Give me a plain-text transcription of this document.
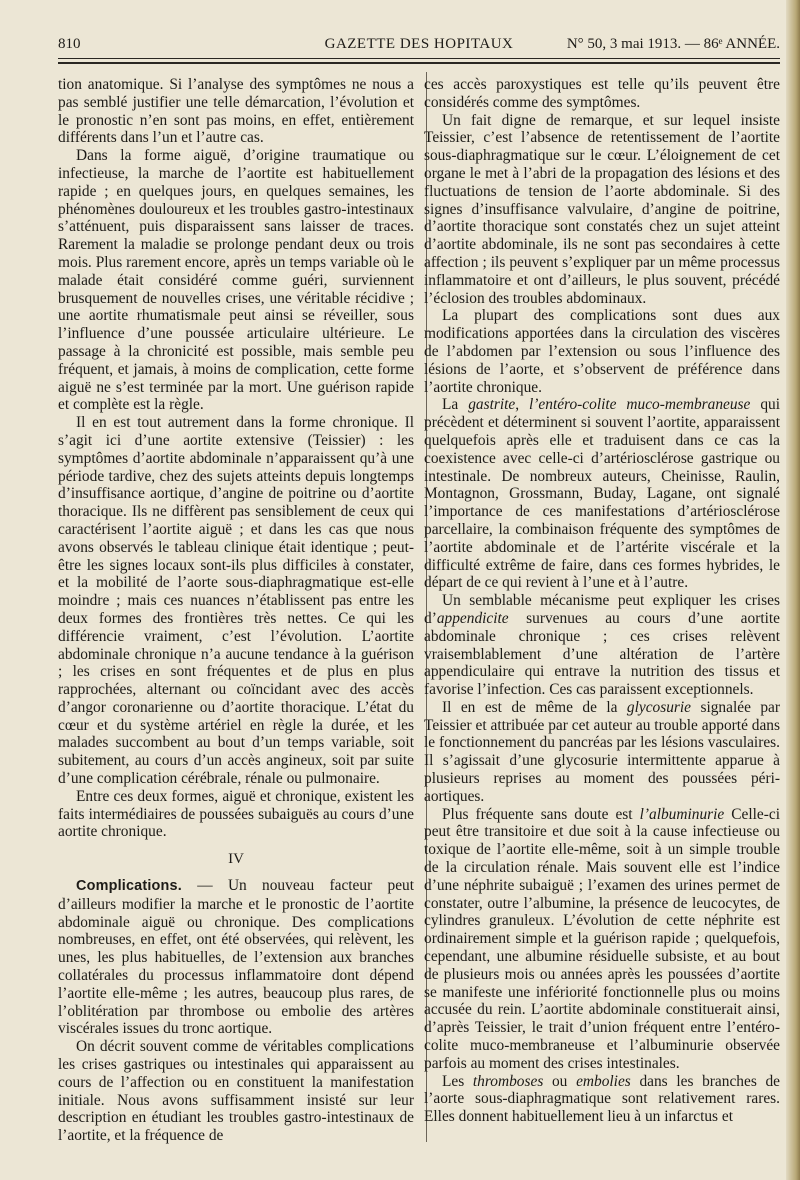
GAZETTE DES HOPITAUX
810	N° 50, 3 mai 1913. — 86ᵉ ANNÉE.

tion anatomique. Si l’analyse des symptômes ne nous a pas semblé justifier une telle démarcation, l’évolution et le pronostic n’en sont pas moins, en effet, entièrement différents dans l’un et l’autre cas.

Dans la forme aiguë, d’origine traumatique ou infectieuse, la marche de l’aortite est habituellement rapide ; en quelques jours, en quelques semaines, les phénomènes douloureux et les troubles gastro-intestinaux s’atténuent, puis disparaissent sans laisser de traces. Rarement la maladie se prolonge pendant deux ou trois mois. Plus rarement encore, après un temps variable où le malade était considéré comme guéri, surviennent brusquement de nouvelles crises, une véritable récidive ; une aortite rhumatismale peut ainsi se réveiller, sous l’influence d’une poussée articulaire ultérieure. Le passage à la chronicité est possible, mais semble peu fréquent, et jamais, à moins de complication, cette forme aiguë ne s’est terminée par la mort. Une guérison rapide et complète est la règle.

Il en est tout autrement dans la forme chronique. Il s’agit ici d’une aortite extensive (Teissier) : les symptômes d’aortite abdominale n’apparaissent qu’à une période tardive, chez des sujets atteints depuis longtemps d’insuffisance aortique, d’angine de poitrine ou d’aortite thoracique. Ils ne diffèrent pas sensiblement de ceux qui caractérisent l’aortite aiguë ; et dans les cas que nous avons observés le tableau clinique était identique ; peut-être les signes locaux sont-ils plus difficiles à constater, et la mobilité de l’aorte sous-diaphragmatique est-elle moindre ; mais ces nuances n’établissent pas entre les deux formes des frontières très nettes. Ce qui les différencie vraiment, c’est l’évolution. L’aortite abdominale chronique n’a aucune tendance à la guérison ; les crises en sont fréquentes et de plus en plus rapprochées, alternant ou coïncidant avec des accès d’angor coronarienne ou d’aortite thoracique. L’état du cœur et du système artériel en règle la durée, et les malades succombent au bout d’un temps variable, soit subitement, au cours d’un accès angineux, soit par suite d’une complication cérébrale, rénale ou pulmonaire.

Entre ces deux formes, aiguë et chronique, existent les faits intermédiaires de poussées subaiguës au cours d’une aortite chronique.

IV

Complications. — Un nouveau facteur peut d’ailleurs modifier la marche et le pronostic de l’aortite abdominale aiguë ou chronique. Des complications nombreuses, en effet, ont été observées, qui relèvent, les unes, les plus habituelles, de l’extension aux branches collatérales du processus inflammatoire dont dépend l’aortite elle-même ; les autres, beaucoup plus rares, de l’oblitération par thrombose ou embolie des artères viscérales issues du tronc aortique.

On décrit souvent comme de véritables complications les crises gastriques ou intestinales qui apparaissent au cours de l’affection ou en constituent la manifestation initiale. Nous avons suffisamment insisté sur leur description en étudiant les troubles gastro-intestinaux de l’aortite, et la fréquence de

ces accès paroxystiques est telle qu’ils peuvent être considérés comme des symptômes.

Un fait digne de remarque, et sur lequel insiste Teissier, c’est l’absence de retentissement de l’aortite sous-diaphragmatique sur le cœur. L’éloignement de cet organe le met à l’abri de la propagation des lésions et des fluctuations de tension de l’aorte abdominale. Si des signes d’insuffisance valvulaire, d’angine de poitrine, d’aortite thoracique sont constatés chez un sujet atteint d’aortite abdominale, ils ne sont pas secondaires à cette affection ; ils peuvent s’expliquer par un même processus inflammatoire et ont d’ailleurs, le plus souvent, précédé l’éclosion des troubles abdominaux.

La plupart des complications sont dues aux modifications apportées dans la circulation des viscères de l’abdomen par l’extension ou sous l’influence des lésions de l’aorte, et s’observent de préférence dans l’aortite chronique.

La gastrite, l’entéro-colite muco-membraneuse qui précèdent et déterminent si souvent l’aortite, apparaissent quelquefois après elle et traduisent dans ce cas la coexistence avec celle-ci d’artériosclérose gastrique ou intestinale. De nombreux auteurs, Cheinisse, Raulin, Montagnon, Grossmann, Buday, Lagane, ont signalé l’importance de ces manifestations d’artériosclérose parcellaire, la combinaison fréquente des symptômes de l’aortite abdominale et de l’artérite viscérale et la difficulté extrême de faire, dans ces formes hybrides, le départ de ce qui revient à l’une et à l’autre.

Un semblable mécanisme peut expliquer les crises d’appendicite survenues au cours d’une aortite abdominale chronique ; ces crises relèvent vraisemblablement d’une altération de l’artère appendiculaire qui entrave la nutrition des tissus et favorise l’infection. Ces cas paraissent exceptionnels.

Il en est de même de la glycosurie signalée par Teissier et attribuée par cet auteur au trouble apporté dans le fonctionnement du pancréas par les lésions vasculaires. Il s’agissait d’une glycosurie intermittente apparue à plusieurs reprises au moment des poussées péri-aortiques.

Plus fréquente sans doute est l’albuminurie Celle-ci peut être transitoire et due soit à la cause infectieuse ou toxique de l’aortite elle-même, soit à un simple trouble de la circulation rénale. Mais souvent elle est l’indice d’une néphrite subaiguë ; l’examen des urines permet de constater, outre l’albumine, la présence de leucocytes, de cylindres granuleux. L’évolution de cette néphrite est ordinairement simple et la guérison rapide ; quelquefois, cependant, une albumine résiduelle subsiste, et au bout de plusieurs mois ou années après les poussées d’aortite se manifeste une infériorité fonctionnelle plus ou moins accusée du rein. L’aortite abdominale constituerait ainsi, d’après Teissier, le trait d’union fréquent entre l’entéro-colite muco-membraneuse et l’albuminurie observée parfois au moment des crises intestinales.

Les thromboses ou embolies dans les branches de l’aorte sous-diaphragmatique sont relativement rares. Elles donnent habituellement lieu à un infarctus et
